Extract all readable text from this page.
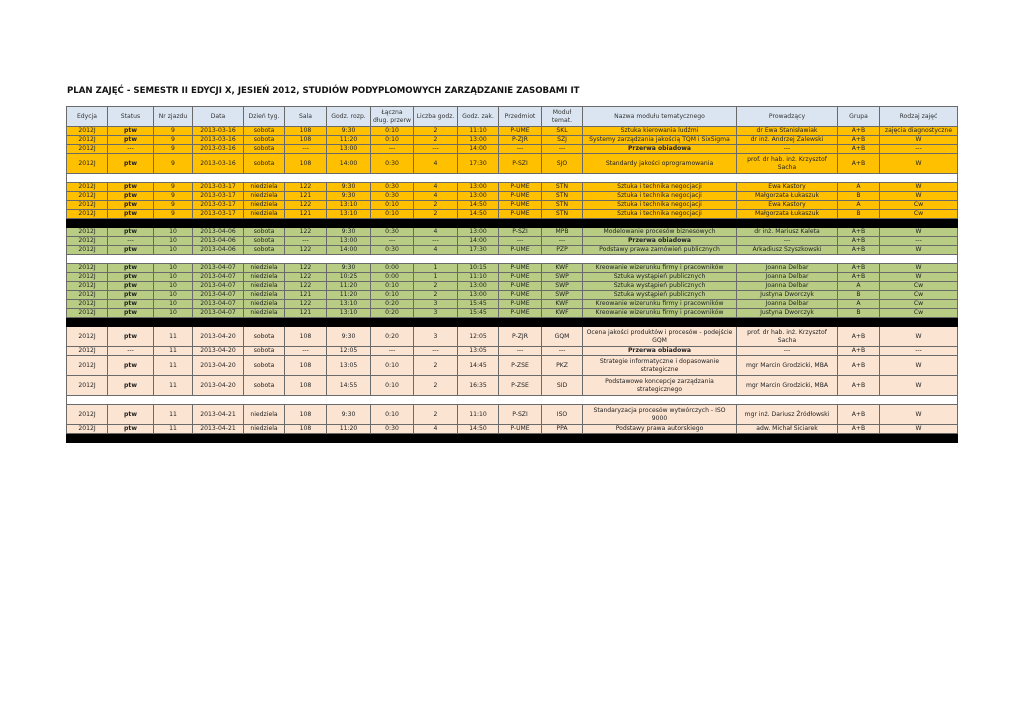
PLAN ZAJĘĆ - SEMESTR II EDYCJI X, JESIEŃ 2012, STUDIÓW PODYPLOMOWYCH ZARZĄDZANIE ZASOBAMI IT
Edycja	Status	Nr zjazdu	Data	Dzień tyg.	Sala	Godz. rozp.	Łączna dług. przerw	Liczba godz.	Godz. zak.	Przedmiot	Moduł temat.	Nazwa modułu tematycznego	Prowadzący	Grupa	Rodzaj zajęć
2012J	ptw	9	2013-03-16	sobota	108	9:30	0:10	2	11:10	P-UME	SKL	Sztuka kierowania ludźmi	dr Ewa Stanisławiak	A+B	zajęcia diagnostyczne
2012J	ptw	9	2013-03-16	sobota	108	11:20	0:10	2	13:00	P-ZJR	SZJ	Systemy zarządzania jakością TQM i SixSigma	dr inż. Andrzej Zalewski	A+B	W
2012J	---	9	2013-03-16	sobota	---	13:00	---	---	14:00	---	---	Przerwa obiadowa	---	A+B	---
2012J	ptw	9	2013-03-16	sobota	108	14:00	0:30	4	17:30	P-SZI	SJO	Standardy jakości oprogramowania	prof. dr hab. inż. Krzysztof Sacha	A+B	W

2012J	ptw	9	2013-03-17	niedziela	122	9:30	0:30	4	13:00	P-UME	STN	Sztuka i technika negocjacji	Ewa Kastory	A	W
2012J	ptw	9	2013-03-17	niedziela	121	9:30	0:30	4	13:00	P-UME	STN	Sztuka i technika negocjacji	Małgorzata Łukaszuk	B	W
2012J	ptw	9	2013-03-17	niedziela	122	13:10	0:10	2	14:50	P-UME	STN	Sztuka i technika negocjacji	Ewa Kastory	A	Ćw
2012J	ptw	9	2013-03-17	niedziela	121	13:10	0:10	2	14:50	P-UME	STN	Sztuka i technika negocjacji	Małgorzata Łukaszuk	B	Ćw

2012J	ptw	10	2013-04-06	sobota	122	9:30	0:30	4	13:00	P-SZI	MPB	Modelowanie procesów biznesowych	dr inż. Mariusz Kaleta	A+B	W
2012J	---	10	2013-04-06	sobota	---	13:00	---	---	14:00	---	---	Przerwa obiadowa	---	A+B	---
2012J	ptw	10	2013-04-06	sobota	122	14:00	0:30	4	17:30	P-UME	PZP	Podstawy prawa zamówień publicznych	Arkadiusz Szyszkowski	A+B	W

2012J	ptw	10	2013-04-07	niedziela	122	9:30	0:00	1	10:15	P-UME	KWF	Kreowanie wizerunku firmy i pracowników	Joanna Delbar	A+B	W
2012J	ptw	10	2013-04-07	niedziela	122	10:25	0:00	1	11:10	P-UME	SWP	Sztuka wystąpień publicznych	Joanna Delbar	A+B	W
2012J	ptw	10	2013-04-07	niedziela	122	11:20	0:10	2	13:00	P-UME	SWP	Sztuka wystąpień publicznych	Joanna Delbar	A	Ćw
2012J	ptw	10	2013-04-07	niedziela	121	11:20	0:10	2	13:00	P-UME	SWP	Sztuka wystąpień publicznych	Justyna Dworczyk	B	Ćw
2012J	ptw	10	2013-04-07	niedziela	122	13:10	0:20	3	15:45	P-UME	KWF	Kreowanie wizerunku firmy i pracowników	Joanna Delbar	A	Ćw
2012J	ptw	10	2013-04-07	niedziela	121	13:10	0:20	3	15:45	P-UME	KWF	Kreowanie wizerunku firmy i pracowników	Justyna Dworczyk	B	Ćw

2012J	ptw	11	2013-04-20	sobota	108	9:30	0:20	3	12:05	P-ZJR	GQM	Ocena jakości produktów i procesów - podejście GQM	prof. dr hab. inż. Krzysztof Sacha	A+B	W
2012J	---	11	2013-04-20	sobota	---	12:05	---	---	13:05	---	---	Przerwa obiadowa	---	A+B	---
2012J	ptw	11	2013-04-20	sobota	108	13:05	0:10	2	14:45	P-ZSE	PKZ	Strategie informatyczne i dopasowanie strategiczne	mgr Marcin Grodzicki, MBA	A+B	W
2012J	ptw	11	2013-04-20	sobota	108	14:55	0:10	2	16:35	P-ZSE	SID	Podstawowe koncepcje zarządzania strategicznego	mgr Marcin Grodzicki, MBA	A+B	W

2012J	ptw	11	2013-04-21	niedziela	108	9:30	0:10	2	11:10	P-SZI	ISO	Standaryzacja procesów wytwórczych - ISO 9000	mgr inż. Dariusz Źródłowski	A+B	W
2012J	ptw	11	2013-04-21	niedziela	108	11:20	0:30	4	14:50	P-UME	PPA	Podstawy prawa autorskiego	adw. Michał Siciarek	A+B	W
